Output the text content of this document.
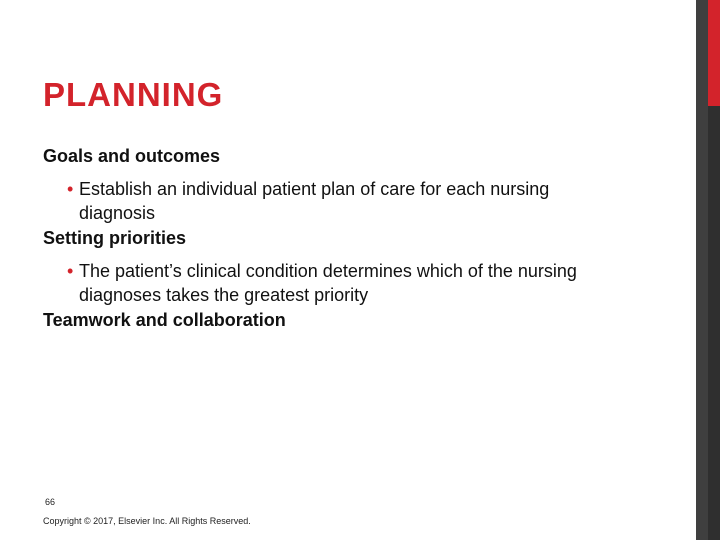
PLANNING

Goals and outcomes

• Establish an individual patient plan of care for each nursing diagnosis

Setting priorities

• The patient’s clinical condition determines which of the nursing diagnoses takes the greatest priority

Teamwork and collaboration

66
Copyright © 2017, Elsevier Inc. All Rights Reserved.
